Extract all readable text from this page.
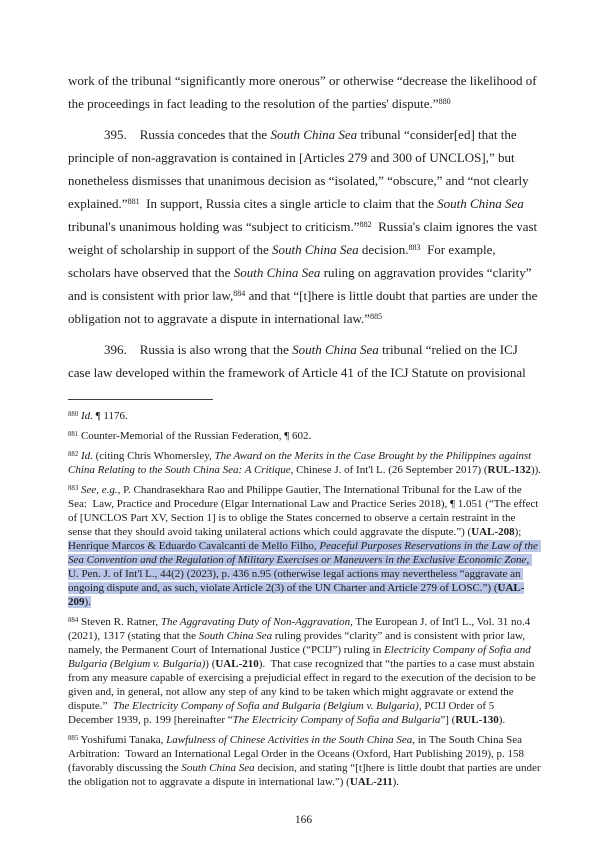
work of the tribunal “significantly more onerous” or otherwise “decrease the likelihood of the proceedings in fact leading to the resolution of the parties' dispute.”$^{880}$

395. Russia concedes that the South China Sea tribunal “consider[ed] that the principle of non-aggravation is contained in [Articles 279 and 300 of UNCLOS],” but nonetheless dismisses that unanimous decision as “isolated,” “obscure,” and “not clearly explained.”$^{881}$  In support, Russia cites a single article to claim that the South China Sea tribunal's unanimous holding was “subject to criticism.”$^{882}$  Russia's claim ignores the vast weight of scholarship in support of the South China Sea decision.$^{883}$  For example, scholars have observed that the South China Sea ruling on aggravation provides “clarity” and is consistent with prior law,$^{884}$ and that “[t]here is little doubt that parties are under the obligation not to aggravate a dispute in international law.”$^{885}$

396. Russia is also wrong that the South China Sea tribunal “relied on the ICJ case law developed within the framework of Article 41 of the ICJ Statute on provisional

$^{880}$ Id. ¶ 1176.

$^{881}$ Counter-Memorial of the Russian Federation, ¶ 602.

$^{882}$ Id. (citing Chris Whomersley, The Award on the Merits in the Case Brought by the Philippines against China Relating to the South China Sea: A Critique, Chinese J. of Int'l L. (26 September 2017) (RUL-132)).

$^{883}$ See, e.g., P. Chandrasekhara Rao and Philippe Gautier, The International Tribunal for the Law of the Sea:  Law, Practice and Procedure (Elgar International Law and Practice Series 2018), ¶ 1.051 (“The effect of [UNCLOS Part XV, Section 1] is to oblige the States concerned to observe a certain restraint in the sense that they should avoid taking unilateral actions which could aggravate the dispute.”) (UAL-208); Henrique Marcos & Eduardo Cavalcanti de Mello Filho, Peaceful Purposes Reservations in the Law of the Sea Convention and the Regulation of Military Exercises or Maneuvers in the Exclusive Economic Zone, U. Pen. J. of Int'l L., 44(2) (2023), p. 436 n.95 (otherwise legal actions may nevertheless “aggravate an ongoing dispute and, as such, violate Article 2(3) of the UN Charter and Article 279 of LOSC.”) (UAL-209).

$^{884}$ Steven R. Ratner, The Aggravating Duty of Non-Aggravation, The European J. of Int'l L., Vol. 31 no.4 (2021), 1317 (stating that the South China Sea ruling provides “clarity” and is consistent with prior law, namely, the Permanent Court of International Justice (“PCIJ”) ruling in Electricity Company of Sofia and Bulgaria (Belgium v. Bulgaria)) (UAL-210).  That case recognized that “the parties to a case must abstain from any measure capable of exercising a prejudicial effect in regard to the execution of the decision to be given and, in general, not allow any step of any kind to be taken which might aggravate or extend the dispute.”  The Electricity Company of Sofia and Bulgaria (Belgium v. Bulgaria), PCIJ Order of 5 December 1939, p. 199 [hereinafter “The Electricity Company of Sofia and Bulgaria”] (RUL-130).

$^{885}$ Yoshifumi Tanaka, Lawfulness of Chinese Activities in the South China Sea, in The South China Sea Arbitration:  Toward an International Legal Order in the Oceans (Oxford, Hart Publishing 2019), p. 158 (favorably discussing the South China Sea decision, and stating “[t]here is little doubt that parties are under the obligation not to aggravate a dispute in international law.”) (UAL-211).

166
